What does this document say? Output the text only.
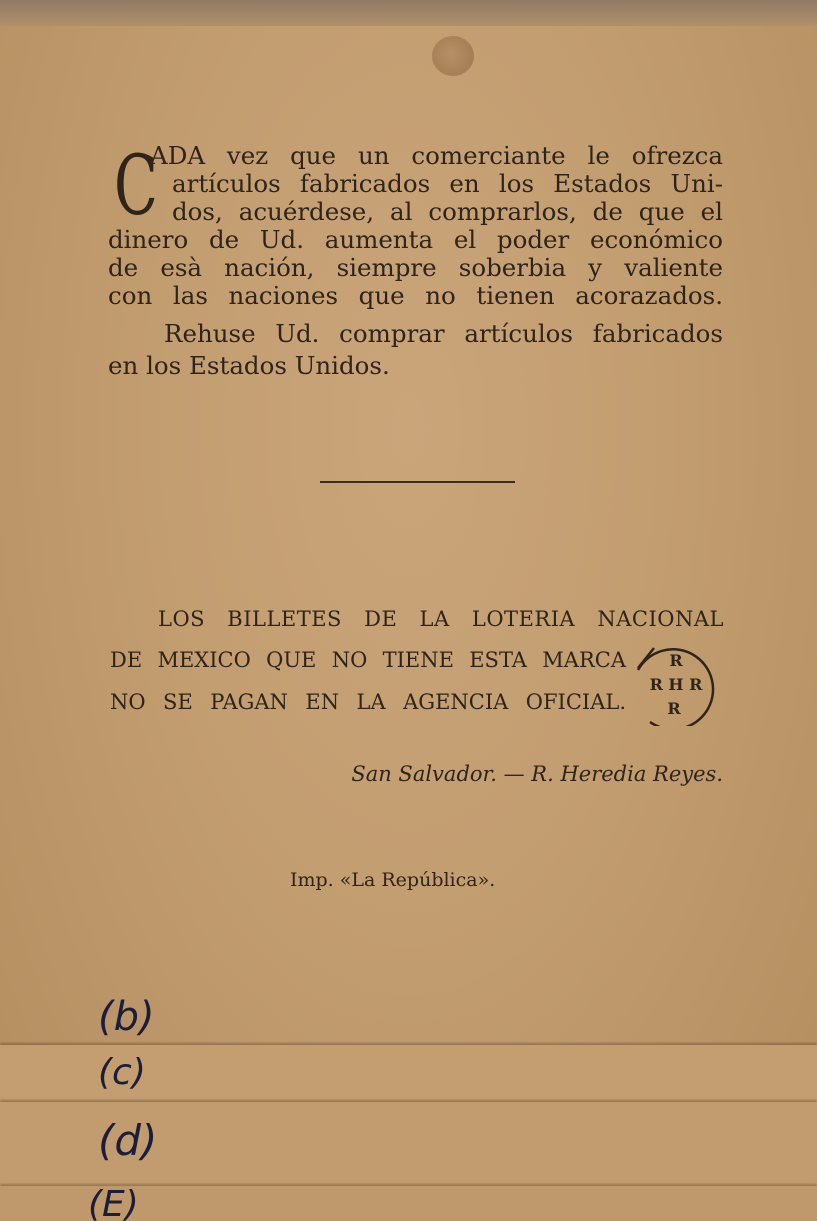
C
ADA vez que un comerciante le ofrezca
artículos fabricados en los Estados Uni-
dos, acuérdese, al comprarlos, de que el
dinero de Ud. aumenta el poder económico
de esà nación, siempre soberbia y valiente
con las naciones que no tienen acorazados.
Rehuse Ud. comprar artículos fabricados
en los Estados Unidos.
LOS BILLETES DE LA LOTERIA NACIONAL
DE MEXICO QUE NO TIENE ESTA MARCA
NO SE PAGAN EN LA AGENCIA OFICIAL.
R
R H R
R
San Salvador. — R. Heredia Reyes.
Imp. «La República».
(b)
(c)
(d)
(E)
